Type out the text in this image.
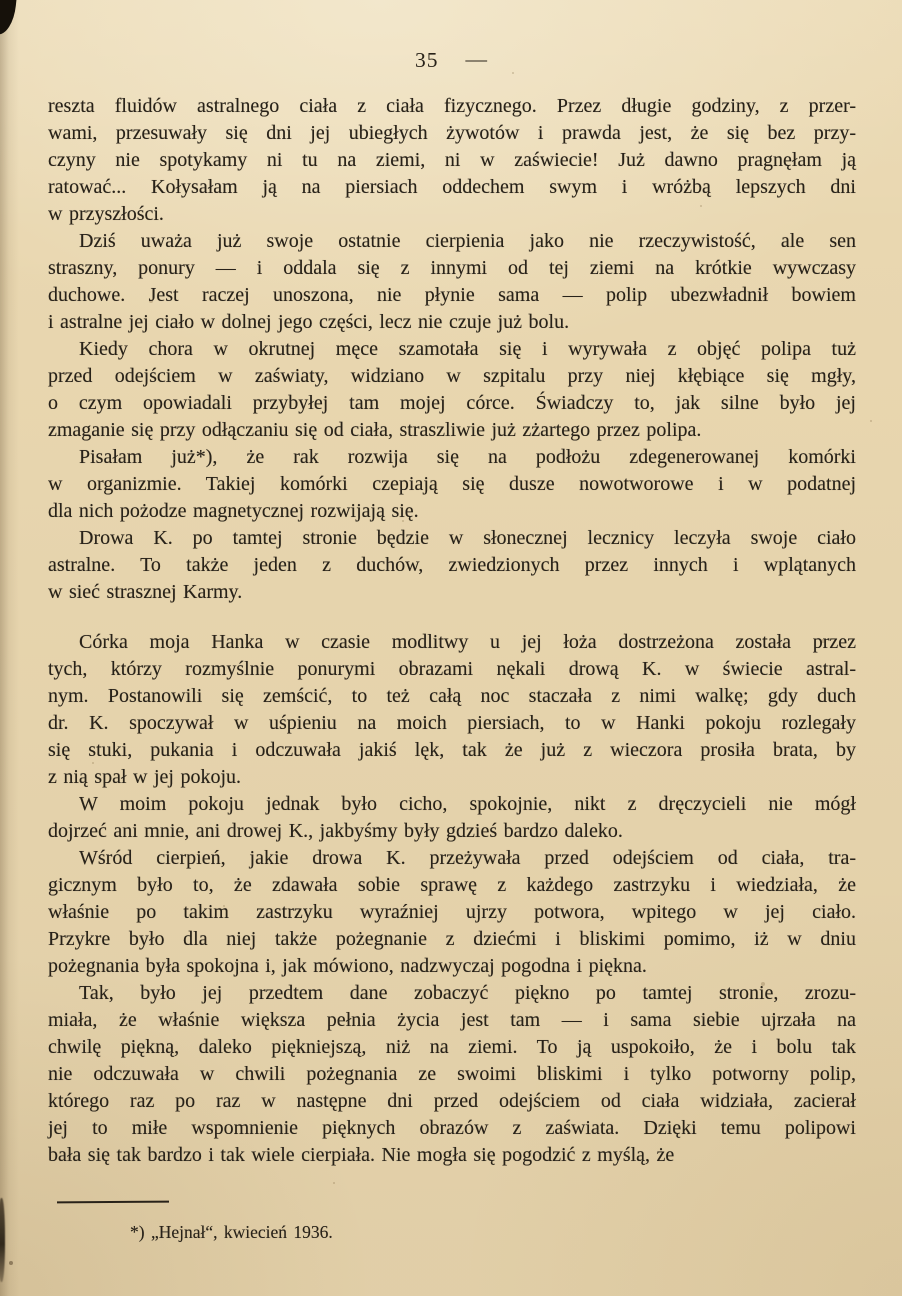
35 —

reszta fluidów astralnego ciała z ciała fizycznego. Przez długie godziny, z przer-
wami, przesuwały się dni jej ubiegłych żywotów i prawda jest, że się bez przy-
czyny nie spotykamy ni tu na ziemi, ni w zaświecie! Już dawno pragnęłam ją
ratować... Kołysałam ją na piersiach oddechem swym i wróżbą lepszych dni
w przyszłości.

Dziś uważa już swoje ostatnie cierpienia jako nie rzeczywistość, ale sen
straszny, ponury — i oddala się z innymi od tej ziemi na krótkie wywczasy
duchowe. Jest raczej unoszona, nie płynie sama — polip ubezwładnił bowiem
i astralne jej ciało w dolnej jego części, lecz nie czuje już bolu.

Kiedy chora w okrutnej męce szamotała się i wyrywała z objęć polipa tuż
przed odejściem w zaświaty, widziano w szpitalu przy niej kłębiące się mgły,
o czym opowiadali przybyłej tam mojej córce. Świadczy to, jak silne było jej
zmaganie się przy odłączaniu się od ciała, straszliwie już zżartego przez polipa.

Pisałam już*), że rak rozwija się na podłożu zdegenerowanej komórki
w organizmie. Takiej komórki czepiają się dusze nowotworowe i w podatnej
dla nich pożodze magnetycznej rozwijają się.

Drowa K. po tamtej stronie będzie w słonecznej lecznicy leczyła swoje ciało
astralne. To także jeden z duchów, zwiedzionych przez innych i wplątanych
w sieć strasznej Karmy.

Córka moja Hanka w czasie modlitwy u jej łoża dostrzeżona została przez
tych, którzy rozmyślnie ponurymi obrazami nękali drową K. w świecie astral-
nym. Postanowili się zemścić, to też całą noc staczała z nimi walkę; gdy duch
dr. K. spoczywał w uśpieniu na moich piersiach, to w Hanki pokoju rozlegały
się stuki, pukania i odczuwała jakiś lęk, tak że już z wieczora prosiła brata, by
z nią spał w jej pokoju.

W moim pokoju jednak było cicho, spokojnie, nikt z dręczycieli nie mógł
dojrzeć ani mnie, ani drowej K., jakbyśmy były gdzieś bardzo daleko.

Wśród cierpień, jakie drowa K. przeżywała przed odejściem od ciała, tra-
gicznym było to, że zdawała sobie sprawę z każdego zastrzyku i wiedziała, że
właśnie po takim zastrzyku wyraźniej ujrzy potwora, wpitego w jej ciało.
Przykre było dla niej także pożegnanie z dziećmi i bliskimi pomimo, iż w dniu
pożegnania była spokojna i, jak mówiono, nadzwyczaj pogodna i piękna.

Tak, było jej przedtem dane zobaczyć piękno po tamtej stronie, zrozu-
miała, że właśnie większa pełnia życia jest tam — i sama siebie ujrzała na
chwilę piękną, daleko piękniejszą, niż na ziemi. To ją uspokoiło, że i bolu tak
nie odczuwała w chwili pożegnania ze swoimi bliskimi i tylko potworny polip,
którego raz po raz w następne dni przed odejściem od ciała widziała, zacierał
jej to miłe wspomnienie pięknych obrazów z zaświata. Dzięki temu polipowi
bała się tak bardzo i tak wiele cierpiała. Nie mogła się pogodzić z myślą, że

*) „Hejnał“, kwiecień 1936.
